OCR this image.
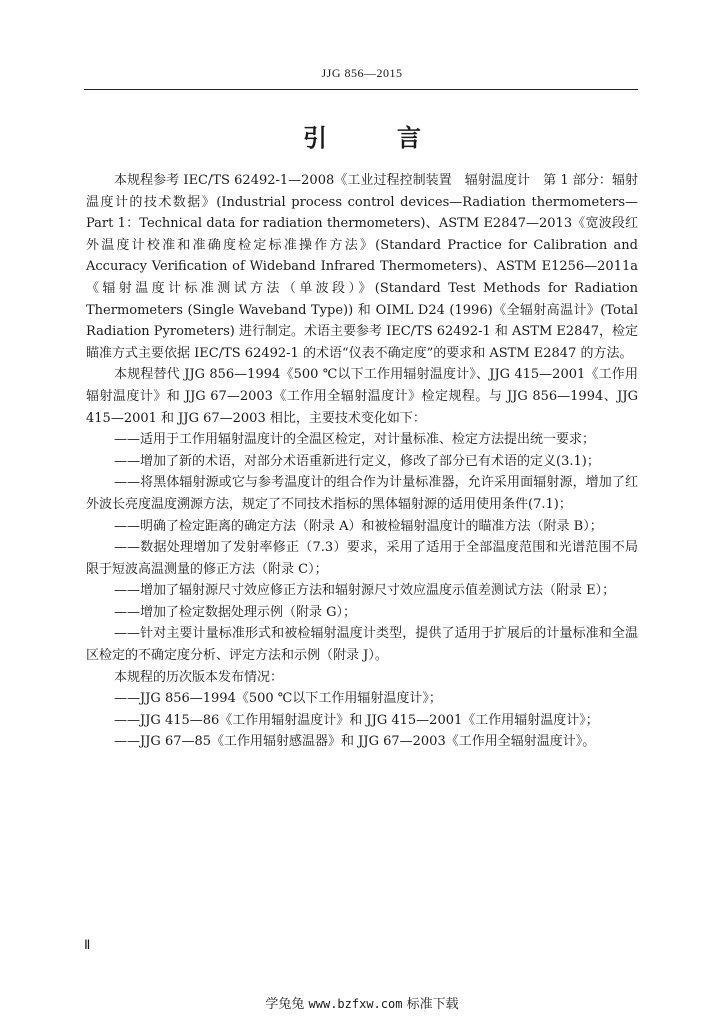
JJG 856—2015
引言

本规程参考 IEC/TS 62492-1—2008《工业过程控制装置　辐射温度计　第 1 部分：辐射温度计的技术数据》(Industrial process control devices—Radiation thermometers—Part 1：Technical data for radiation thermometers)、ASTM E2847—2013《宽波段红外温度计校准和准确度检定标准操作方法》(Standard Practice for Calibration and Accuracy Verification of Wideband Infrared Thermometers)、ASTM E1256—2011a《辐射温度计标准测试方法（单波段）》(Standard Test Methods for Radiation Thermometers (Single Waveband Type)) 和 OIML D24 (1996)《全辐射高温计》(Total Radiation Pyrometers) 进行制定。术语主要参考 IEC/TS 62492-1 和 ASTM E2847，检定瞄准方式主要依据 IEC/TS 62492-1 的术语“仪表不确定度”的要求和 ASTM E2847 的方法。

本规程替代 JJG 856—1994《500 ℃以下工作用辐射温度计》、JJG 415—2001《工作用辐射温度计》和 JJG 67—2003《工作用全辐射温度计》检定规程。与 JJG 856—1994、JJG 415—2001 和 JJG 67—2003 相比，主要技术变化如下：

——适用于工作用辐射温度计的全温区检定，对计量标准、检定方法提出统一要求；

——增加了新的术语，对部分术语重新进行定义，修改了部分已有术语的定义(3.1)；

——将黑体辐射源或它与参考温度计的组合作为计量标准器，允许采用面辐射源，增加了红外波长亮度温度溯源方法，规定了不同技术指标的黑体辐射源的适用使用条件(7.1)；

——明确了检定距离的确定方法（附录 A）和被检辐射温度计的瞄准方法（附录 B）；

——数据处理增加了发射率修正（7.3）要求，采用了适用于全部温度范围和光谱范围不局限于短波高温测量的修正方法（附录 C）；

——增加了辐射源尺寸效应修正方法和辐射源尺寸效应温度示值差测试方法（附录 E）；

——增加了检定数据处理示例（附录 G）；

——针对主要计量标准形式和被检辐射温度计类型，提供了适用于扩展后的计量标准和全温区检定的不确定度分析、评定方法和示例（附录 J）。

本规程的历次版本发布情况：

——JJG 856—1994《500 ℃以下工作用辐射温度计》；

——JJG 415—86《工作用辐射温度计》和 JJG 415—2001《工作用辐射温度计》；

——JJG 67—85《工作用辐射感温器》和 JJG 67—2003《工作用全辐射温度计》。

Ⅱ
学兔兔 www.bzfxw.com 标准下载
